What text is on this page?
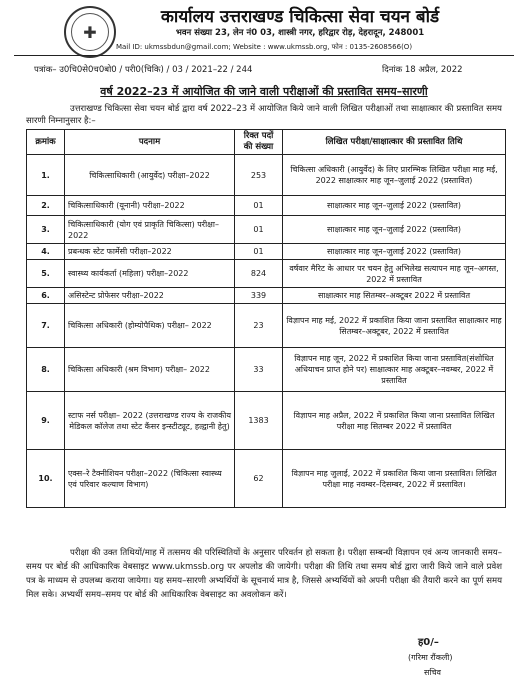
✚
कार्यालय उत्तराखण्ड चिकित्सा सेवा चयन बोर्ड
भवन संख्या 23, लेन नं0 03, शास्त्री नगर, हरिद्वार रोड़, देहरादून, 248001
Mail ID: ukmssbdun@gmail.com; Website : www.ukmssb.org, फोन : 0135-2608566(O)
पत्रांक– उ0चि0से0च0बो0 / परी0(चिकि) / 03 / 2021–22 / 244	दिनांक 18 अप्रैल, 2022
वर्ष 2022–23 में आयोजित की जाने वाली परीक्षाओं की प्रस्तावित समय–सारणी
उत्तराखण्ड चिकित्सा सेवा चयन बोर्ड द्वारा वर्ष 2022–23 में आयोजित किये जाने वाली लिखित परीक्षाओं तथा साक्षात्कार की प्रस्तावित समय सारणी निम्नानुसार है:–
क्रमांक	पदनाम	रिक्त पदों की संख्या	लिखित परीक्षा/साक्षात्कार की प्रस्तावित तिथि
1.	चिकित्साधिकारी (आयुर्वेद) परीक्षा–2022	253	चिकित्सा अधिकारी (आयुर्वेद) के लिए प्रारम्भिक लिखित परीक्षा माह मई, 2022 साक्षात्कार माह जून–जुलाई 2022 (प्रस्तावित)
2.	चिकित्साधिकारी (यूनानी) परीक्षा–2022	01	साक्षात्कार माह जून–जुलाई 2022 (प्रस्तावित)
3.	चिकित्साधिकारी (योग एवं प्राकृति चिकित्सा) परीक्षा–2022	01	साक्षात्कार माह जून–जुलाई 2022 (प्रस्तावित)
4.	प्रबन्धक स्टेट फार्मेसी परीक्षा–2022	01	साक्षात्कार माह जून–जुलाई 2022 (प्रस्तावित)
5.	स्वास्थ्य कार्यकर्ता (महिला) परीक्षा–2022	824	वर्षवार मैरिट के आधार पर चयन हेतु अभिलेख सत्यापन माह जून–अगस्त, 2022 में प्रस्तावित
6.	असिस्टेन्ट प्रोफेसर परीक्षा–2022	339	साक्षात्कार माह सितम्बर–अक्टूबर 2022 में प्रस्तावित
7.	चिकित्सा अधिकारी (होम्योपैथिक) परीक्षा– 2022	23	विज्ञापन माह मई, 2022 में प्रकाशित किया जाना प्रस्तावित साक्षात्कार माह सितम्बर–अक्टूबर, 2022 में प्रस्तावित
8.	चिकित्सा अधिकारी (श्रम विभाग) परीक्षा– 2022	33	विज्ञापन माह जून, 2022 में प्रकाशित किया जाना प्रस्तावित(संशोधित अधियाचन प्राप्त होने पर) साक्षात्कार माह अक्टूबर–नवम्बर, 2022 में प्रस्तावित
9.	स्टाफ नर्स परीक्षा– 2022 (उत्तराखण्ड राज्य के राजकीय मेडिकल कॉलेज तथा स्टेट कैंसर इन्स्टीट्यूट, हल्द्वानी हेतु)	1383	विज्ञापन माह अप्रैल, 2022 में प्रकाशित किया जाना प्रस्तावित लिखित परीक्षा माह सितम्बर 2022 में प्रस्तावित
10.	एक्स–रे टैक्नीशियन परीक्षा–2022 (चिकित्सा स्वास्थ्य एवं परिवार कल्याण विभाग)	62	विज्ञापन माह जुलाई, 2022 में प्रकाशित किया जाना प्रस्तावित। लिखित परीक्षा माह नवम्बर–दिसम्बर, 2022 में प्रस्तावित।
परीक्षा की उक्त तिथियों/माह में तत्समय की परिस्थितियों के अनुसार परिवर्तन हो सकता है। परीक्षा सम्बन्धी विज्ञापन एवं अन्य जानकारी समय–समय पर बोर्ड की आधिकारिक वेबसाइट www.ukmssb.org पर अपलोड की जायेगी। परीक्षा की तिथि तथा समय बोर्ड द्वारा जारी किये जाने वाले प्रवेश पत्र के माध्यम से उपलब्ध कराया जायेगा। यह समय–सारणी अभ्यर्थियों के सूचनार्थ मात्र है, जिससे अभ्यर्थियों को अपनी परीक्षा की तैयारी करने का पूर्ण समय मिल सके। अभ्यर्थी समय–समय पर बोर्ड की आधिकारिक वेबसाइट का अवलोकन करें।
ह0/–
(गरिमा रौंकली)
सचिव
